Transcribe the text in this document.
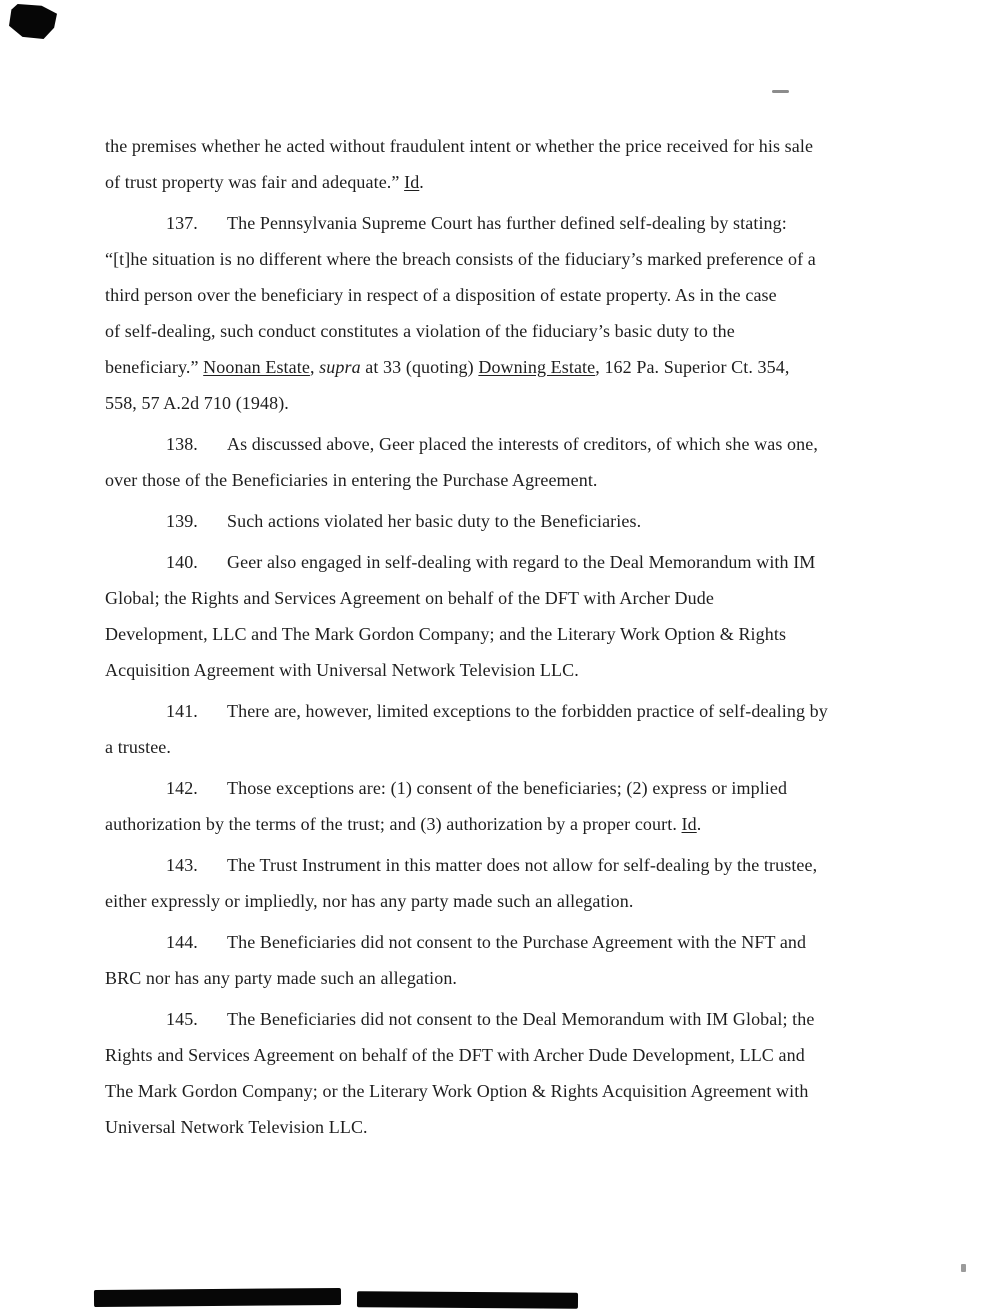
the premises whether he acted without fraudulent intent or whether the price received for his sale
of trust property was fair and adequate.” Id.
137. The Pennsylvania Supreme Court has further defined self-dealing by stating:
“[t]he situation is no different where the breach consists of the fiduciary’s marked preference of a
third person over the beneficiary in respect of a disposition of estate property. As in the case
of self-dealing, such conduct constitutes a violation of the fiduciary’s basic duty to the
beneficiary.” Noonan Estate, supra at 33 (quoting) Downing Estate, 162 Pa. Superior Ct. 354,
558, 57 A.2d 710 (1948).
138. As discussed above, Geer placed the interests of creditors, of which she was one,
over those of the Beneficiaries in entering the Purchase Agreement.
139. Such actions violated her basic duty to the Beneficiaries.
140. Geer also engaged in self-dealing with regard to the Deal Memorandum with IM
Global; the Rights and Services Agreement on behalf of the DFT with Archer Dude
Development, LLC and The Mark Gordon Company; and the Literary Work Option & Rights
Acquisition Agreement with Universal Network Television LLC.
141. There are, however, limited exceptions to the forbidden practice of self-dealing by
a trustee.
142. Those exceptions are: (1) consent of the beneficiaries; (2) express or implied
authorization by the terms of the trust; and (3) authorization by a proper court. Id.
143. The Trust Instrument in this matter does not allow for self-dealing by the trustee,
either expressly or impliedly, nor has any party made such an allegation.
144. The Beneficiaries did not consent to the Purchase Agreement with the NFT and
BRC nor has any party made such an allegation.
145. The Beneficiaries did not consent to the Deal Memorandum with IM Global; the
Rights and Services Agreement on behalf of the DFT with Archer Dude Development, LLC and
The Mark Gordon Company; or the Literary Work Option & Rights Acquisition Agreement with
Universal Network Television LLC.
